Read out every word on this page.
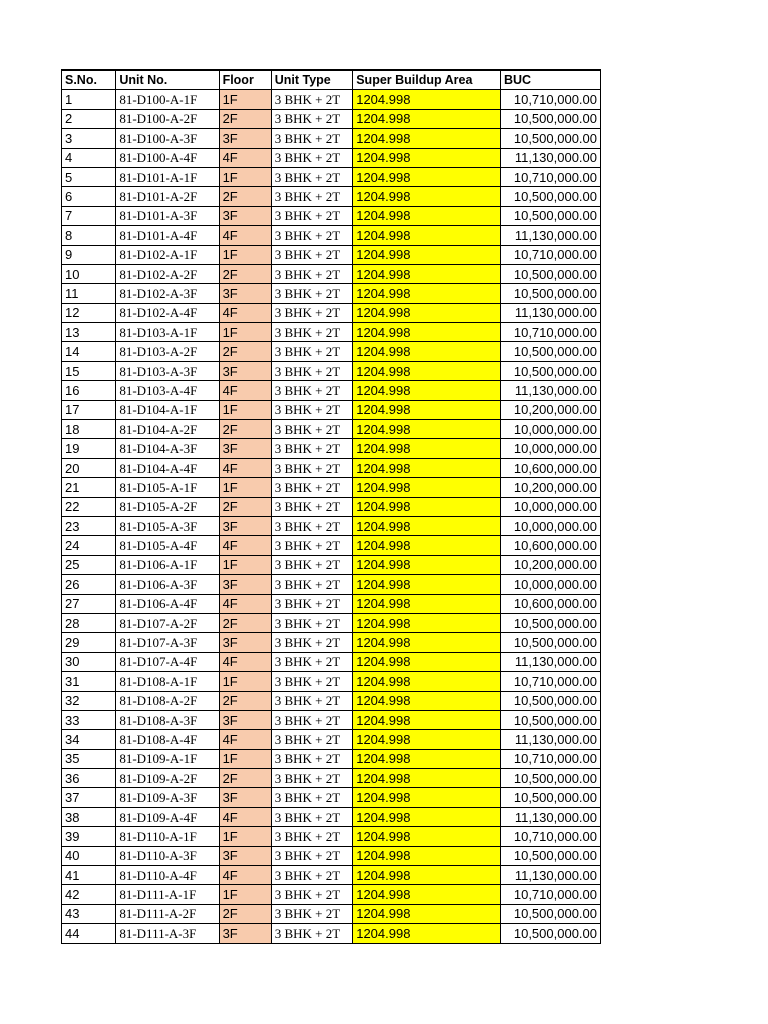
S.No.	Unit No.	Floor	Unit Type	Super Buildup Area	BUC
1	81-D100-A-1F	1F	3 BHK + 2T	1204.998	10,710,000.00
2	81-D100-A-2F	2F	3 BHK + 2T	1204.998	10,500,000.00
3	81-D100-A-3F	3F	3 BHK + 2T	1204.998	10,500,000.00
4	81-D100-A-4F	4F	3 BHK + 2T	1204.998	11,130,000.00
5	81-D101-A-1F	1F	3 BHK + 2T	1204.998	10,710,000.00
6	81-D101-A-2F	2F	3 BHK + 2T	1204.998	10,500,000.00
7	81-D101-A-3F	3F	3 BHK + 2T	1204.998	10,500,000.00
8	81-D101-A-4F	4F	3 BHK + 2T	1204.998	11,130,000.00
9	81-D102-A-1F	1F	3 BHK + 2T	1204.998	10,710,000.00
10	81-D102-A-2F	2F	3 BHK + 2T	1204.998	10,500,000.00
11	81-D102-A-3F	3F	3 BHK + 2T	1204.998	10,500,000.00
12	81-D102-A-4F	4F	3 BHK + 2T	1204.998	11,130,000.00
13	81-D103-A-1F	1F	3 BHK + 2T	1204.998	10,710,000.00
14	81-D103-A-2F	2F	3 BHK + 2T	1204.998	10,500,000.00
15	81-D103-A-3F	3F	3 BHK + 2T	1204.998	10,500,000.00
16	81-D103-A-4F	4F	3 BHK + 2T	1204.998	11,130,000.00
17	81-D104-A-1F	1F	3 BHK + 2T	1204.998	10,200,000.00
18	81-D104-A-2F	2F	3 BHK + 2T	1204.998	10,000,000.00
19	81-D104-A-3F	3F	3 BHK + 2T	1204.998	10,000,000.00
20	81-D104-A-4F	4F	3 BHK + 2T	1204.998	10,600,000.00
21	81-D105-A-1F	1F	3 BHK + 2T	1204.998	10,200,000.00
22	81-D105-A-2F	2F	3 BHK + 2T	1204.998	10,000,000.00
23	81-D105-A-3F	3F	3 BHK + 2T	1204.998	10,000,000.00
24	81-D105-A-4F	4F	3 BHK + 2T	1204.998	10,600,000.00
25	81-D106-A-1F	1F	3 BHK + 2T	1204.998	10,200,000.00
26	81-D106-A-3F	3F	3 BHK + 2T	1204.998	10,000,000.00
27	81-D106-A-4F	4F	3 BHK + 2T	1204.998	10,600,000.00
28	81-D107-A-2F	2F	3 BHK + 2T	1204.998	10,500,000.00
29	81-D107-A-3F	3F	3 BHK + 2T	1204.998	10,500,000.00
30	81-D107-A-4F	4F	3 BHK + 2T	1204.998	11,130,000.00
31	81-D108-A-1F	1F	3 BHK + 2T	1204.998	10,710,000.00
32	81-D108-A-2F	2F	3 BHK + 2T	1204.998	10,500,000.00
33	81-D108-A-3F	3F	3 BHK + 2T	1204.998	10,500,000.00
34	81-D108-A-4F	4F	3 BHK + 2T	1204.998	11,130,000.00
35	81-D109-A-1F	1F	3 BHK + 2T	1204.998	10,710,000.00
36	81-D109-A-2F	2F	3 BHK + 2T	1204.998	10,500,000.00
37	81-D109-A-3F	3F	3 BHK + 2T	1204.998	10,500,000.00
38	81-D109-A-4F	4F	3 BHK + 2T	1204.998	11,130,000.00
39	81-D110-A-1F	1F	3 BHK + 2T	1204.998	10,710,000.00
40	81-D110-A-3F	3F	3 BHK + 2T	1204.998	10,500,000.00
41	81-D110-A-4F	4F	3 BHK + 2T	1204.998	11,130,000.00
42	81-D111-A-1F	1F	3 BHK + 2T	1204.998	10,710,000.00
43	81-D111-A-2F	2F	3 BHK + 2T	1204.998	10,500,000.00
44	81-D111-A-3F	3F	3 BHK + 2T	1204.998	10,500,000.00
